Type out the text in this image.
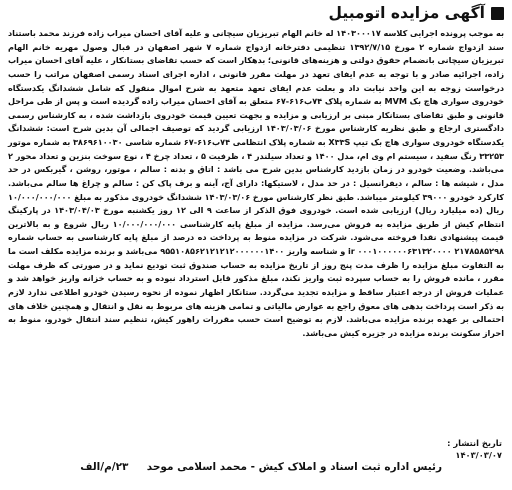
آگهی مزایده اتومبیل
به موجب پرونده اجرایی کلاسه ۱۴۰۳۰۰۰۱۷ له خانم الهام تبریزیان سیچانی و علیه آقای احسان میراب زاده فرزند محمد باستناد سند ازدواج شماره ۲ مورخ ۱۳۹۲/۷/۱۵ تنظیمی دفترخانه ازدواج شماره ۷ شهر اصفهان در قبال وصول مهریه خانم الهام تبریزیان سیچانی بانضمام حقوق دولتی و هزینه‌های قانونی؛ بدهکار است که حسب تقاضای بستانکار ، علیه آقای احسان میراب زاده، اجرائیه صادر و با توجه به عدم ایفای تعهد در مهلت مقرر قانونی ، اداره اجرای اسناد رسمی اصفهان مراتب را حسب درخواست زوجه به این واحد نیابت داد و بعلت عدم ایفای تعهد متعهد به شرح اموال منقول که شامل ششدانگ یکدستگاه خودروی سواری هاچ بک MVM به شماره پلاک ۷۴ب۶۱۶-۶۷ متعلق به آقای احسان میراب زاده گردیده است و پس از طی مراحل قانونی و طبق تقاضای بستانکار مبنی بر ارزیابی و مزایده و بجهت تعیین قیمت خودروی بازداشت شده ، به کارشناس رسمی دادگستری ارجاع و طبق نظریه کارشناس مورخ ۱۴۰۳/۰۳/۰۶ ارزیابی گردید که توصیف اجمالی آن بدین شرح است: ششدانگ یکدستگاه خودروی سواری هاچ بک تیپ X۳۳S به شماره پلاک انتظامی ۷۴ب۶۱۶-۶۷ شماره شاسی ۳۸۶۹۶۱۰۰۳۰ به شماره موتور ۳۳۲۵۳ رنگ سفید ، سیستم ام وی ام، مدل ۱۴۰۰ و تعداد سیلندر ۴ ، ظرفیت ۵ ، تعداد چرخ ۴ ، نوع سوخت بنزین و تعداد محور ۲ می‌باشد. وضعیت خودرو در زمان بازدید کارشناس بدین شرح می باشد : اتاق و بدنه : سالم ، موتور، روشن ، گیربکس در حد مدل ، شیشه ها : سالم ، دیفرانسیل : در حد مدل ، لاستیکها: دارای آج، آینه و برف پاک کن : سالم و چراغ ها سالم می‌باشد. کارکرد خودرو ۳۹۰۰۰ کیلومتر میباشد. طبق نظر کارشناس مورخ ۱۴۰۳/۰۳/۰۶ ششدانگ خودروی مذکور به مبلغ ۱۰/۰۰۰/۰۰۰/۰۰۰ ریال (ده میلیارد ریال) ارزیابی شده است. خودروی فوق الذکر از ساعت ۹ الی ۱۲ روز یکشنبه مورخ ۱۴۰۳/۰۴/۰۳ در پارکینگ انتظام کیش از طریق مزایده به فروش می‌رسد. مزایده از مبلغ پایه کارشناسی ۱۰/۰۰۰/۰۰۰/۰۰۰ ریال شروع و به بالاترین قیمت پیشنهادی نقدا فروخته می‌شود. شرکت در مزایده منوط به پرداخت ده درصد از مبلغ پایه کارشناسی به حساب شماره ۲۱۷۸۵۸۵۲۹۸ ir ۰۰۰۱۰۰۰۰۰۰۶۳۱۳۲۰۰۰۰ و شناسه واریز ۹۵۵۱۰۸۵۶۲۱۲۱۲۱۲۰۰۰۰۰۰۱۴۰۰ می‌باشد و برنده مزایده مکلف است ما به التفاوت مبلغ مزایده را ظرف مدت پنج روز از تاریخ مزایده به حساب صندوق ثبت تودیع نماید و در صورتی که ظرف مهلت مقرر ، مانده فروش را به حساب سپرده ثبت واریز نکند، مبلغ مذکور قابل استرداد نبوده و به حساب خزانه واریز خواهد شد و عملیات فروش از درجه اعتبار ساقط و مزایده تجدید می‌گردد. ستانکار اظهار نموده از نحوه رسیدن خودرو اطلاعی ندارد لازم به ذکر است پرداخت بدهی های معوق راجع به عوارض مالیاتی و تمامی هزینه های مربوط به نقل و انتقال و همچنین خلاف های احتمالی بر عهده برنده مزایده می‌باشد. لازم به توضیح است حسب مقررات راهور کیش، تنظیم سند انتقال خودرو، منوط به احراز سکونت برنده مزایده در جزیره کیش می‌باشد.
تاریخ انتشار :
۱۴۰۳/۰۳/۰۷
رئیس اداره ثبت اسناد و املاک کیش - محمد اسلامی موحد     ۲۳/م/الف
